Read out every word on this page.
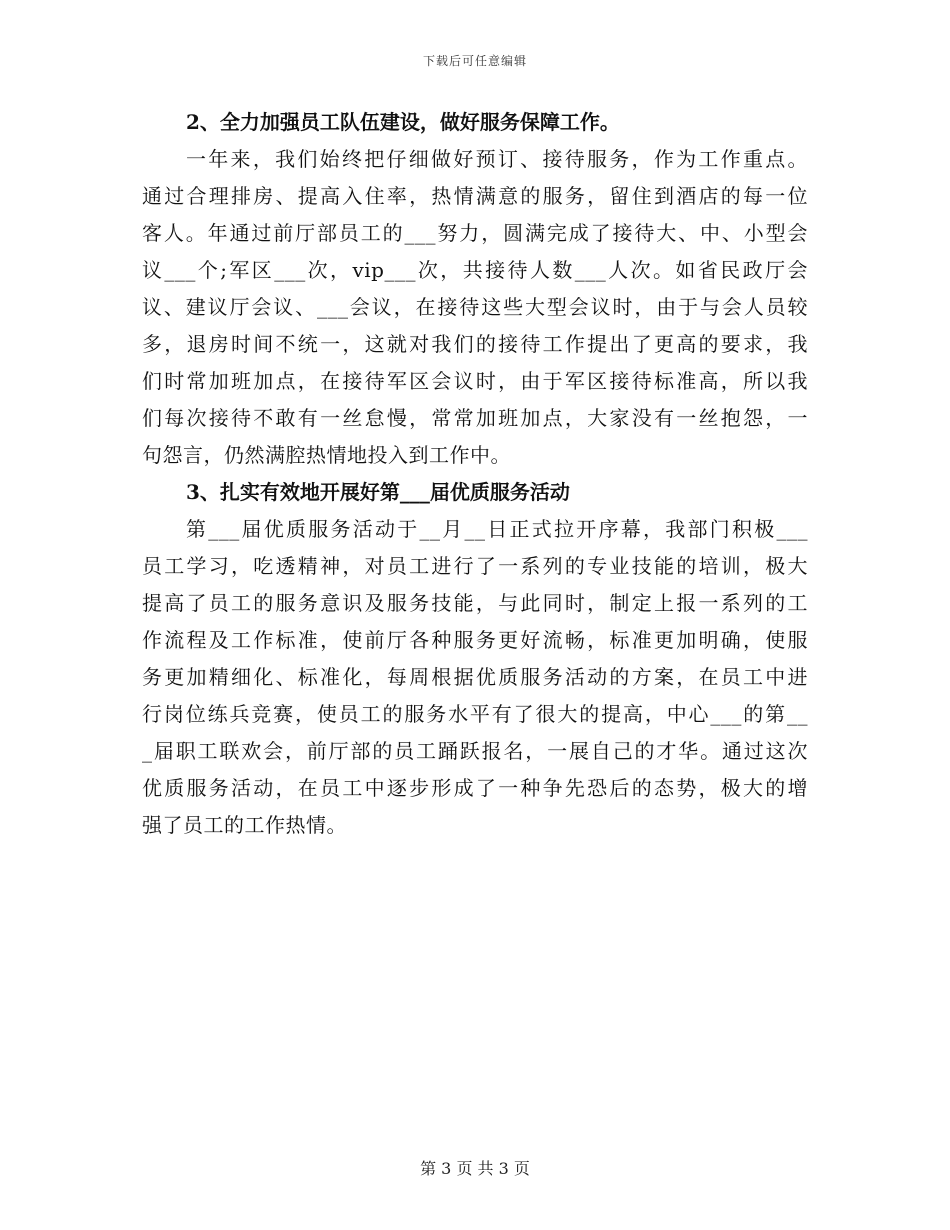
下载后可任意编辑

2、全力加强员工队伍建设，做好服务保障工作。

一年来，我们始终把仔细做好预订、接待服务，作为工作重点。

通过合理排房、提高入住率，热情满意的服务，留住到酒店的每一位

客人。年通过前厅部员工的___努力，圆满完成了接待大、中、小型会

议___个;军区___次，vip___次，共接待人数___人次。如省民政厅会

议、建议厅会议、___会议，在接待这些大型会议时，由于与会人员较

多，退房时间不统一，这就对我们的接待工作提出了更高的要求，我

们时常加班加点，在接待军区会议时，由于军区接待标准高，所以我

们每次接待不敢有一丝怠慢，常常加班加点，大家没有一丝抱怨，一

句怨言，仍然满腔热情地投入到工作中。

3、扎实有效地开展好第___届优质服务活动

第___届优质服务活动于__月__日正式拉开序幕，我部门积极___

员工学习，吃透精神，对员工进行了一系列的专业技能的培训，极大

提高了员工的服务意识及服务技能，与此同时，制定上报一系列的工

作流程及工作标准，使前厅各种服务更好流畅，标准更加明确，使服

务更加精细化、标准化，每周根据优质服务活动的方案，在员工中进

行岗位练兵竞赛，使员工的服务水平有了很大的提高，中心___的第__

_届职工联欢会，前厅部的员工踊跃报名，一展自己的才华。通过这次

优质服务活动，在员工中逐步形成了一种争先恐后的态势，极大的增

强了员工的工作热情。

第 3 页 共 3 页
